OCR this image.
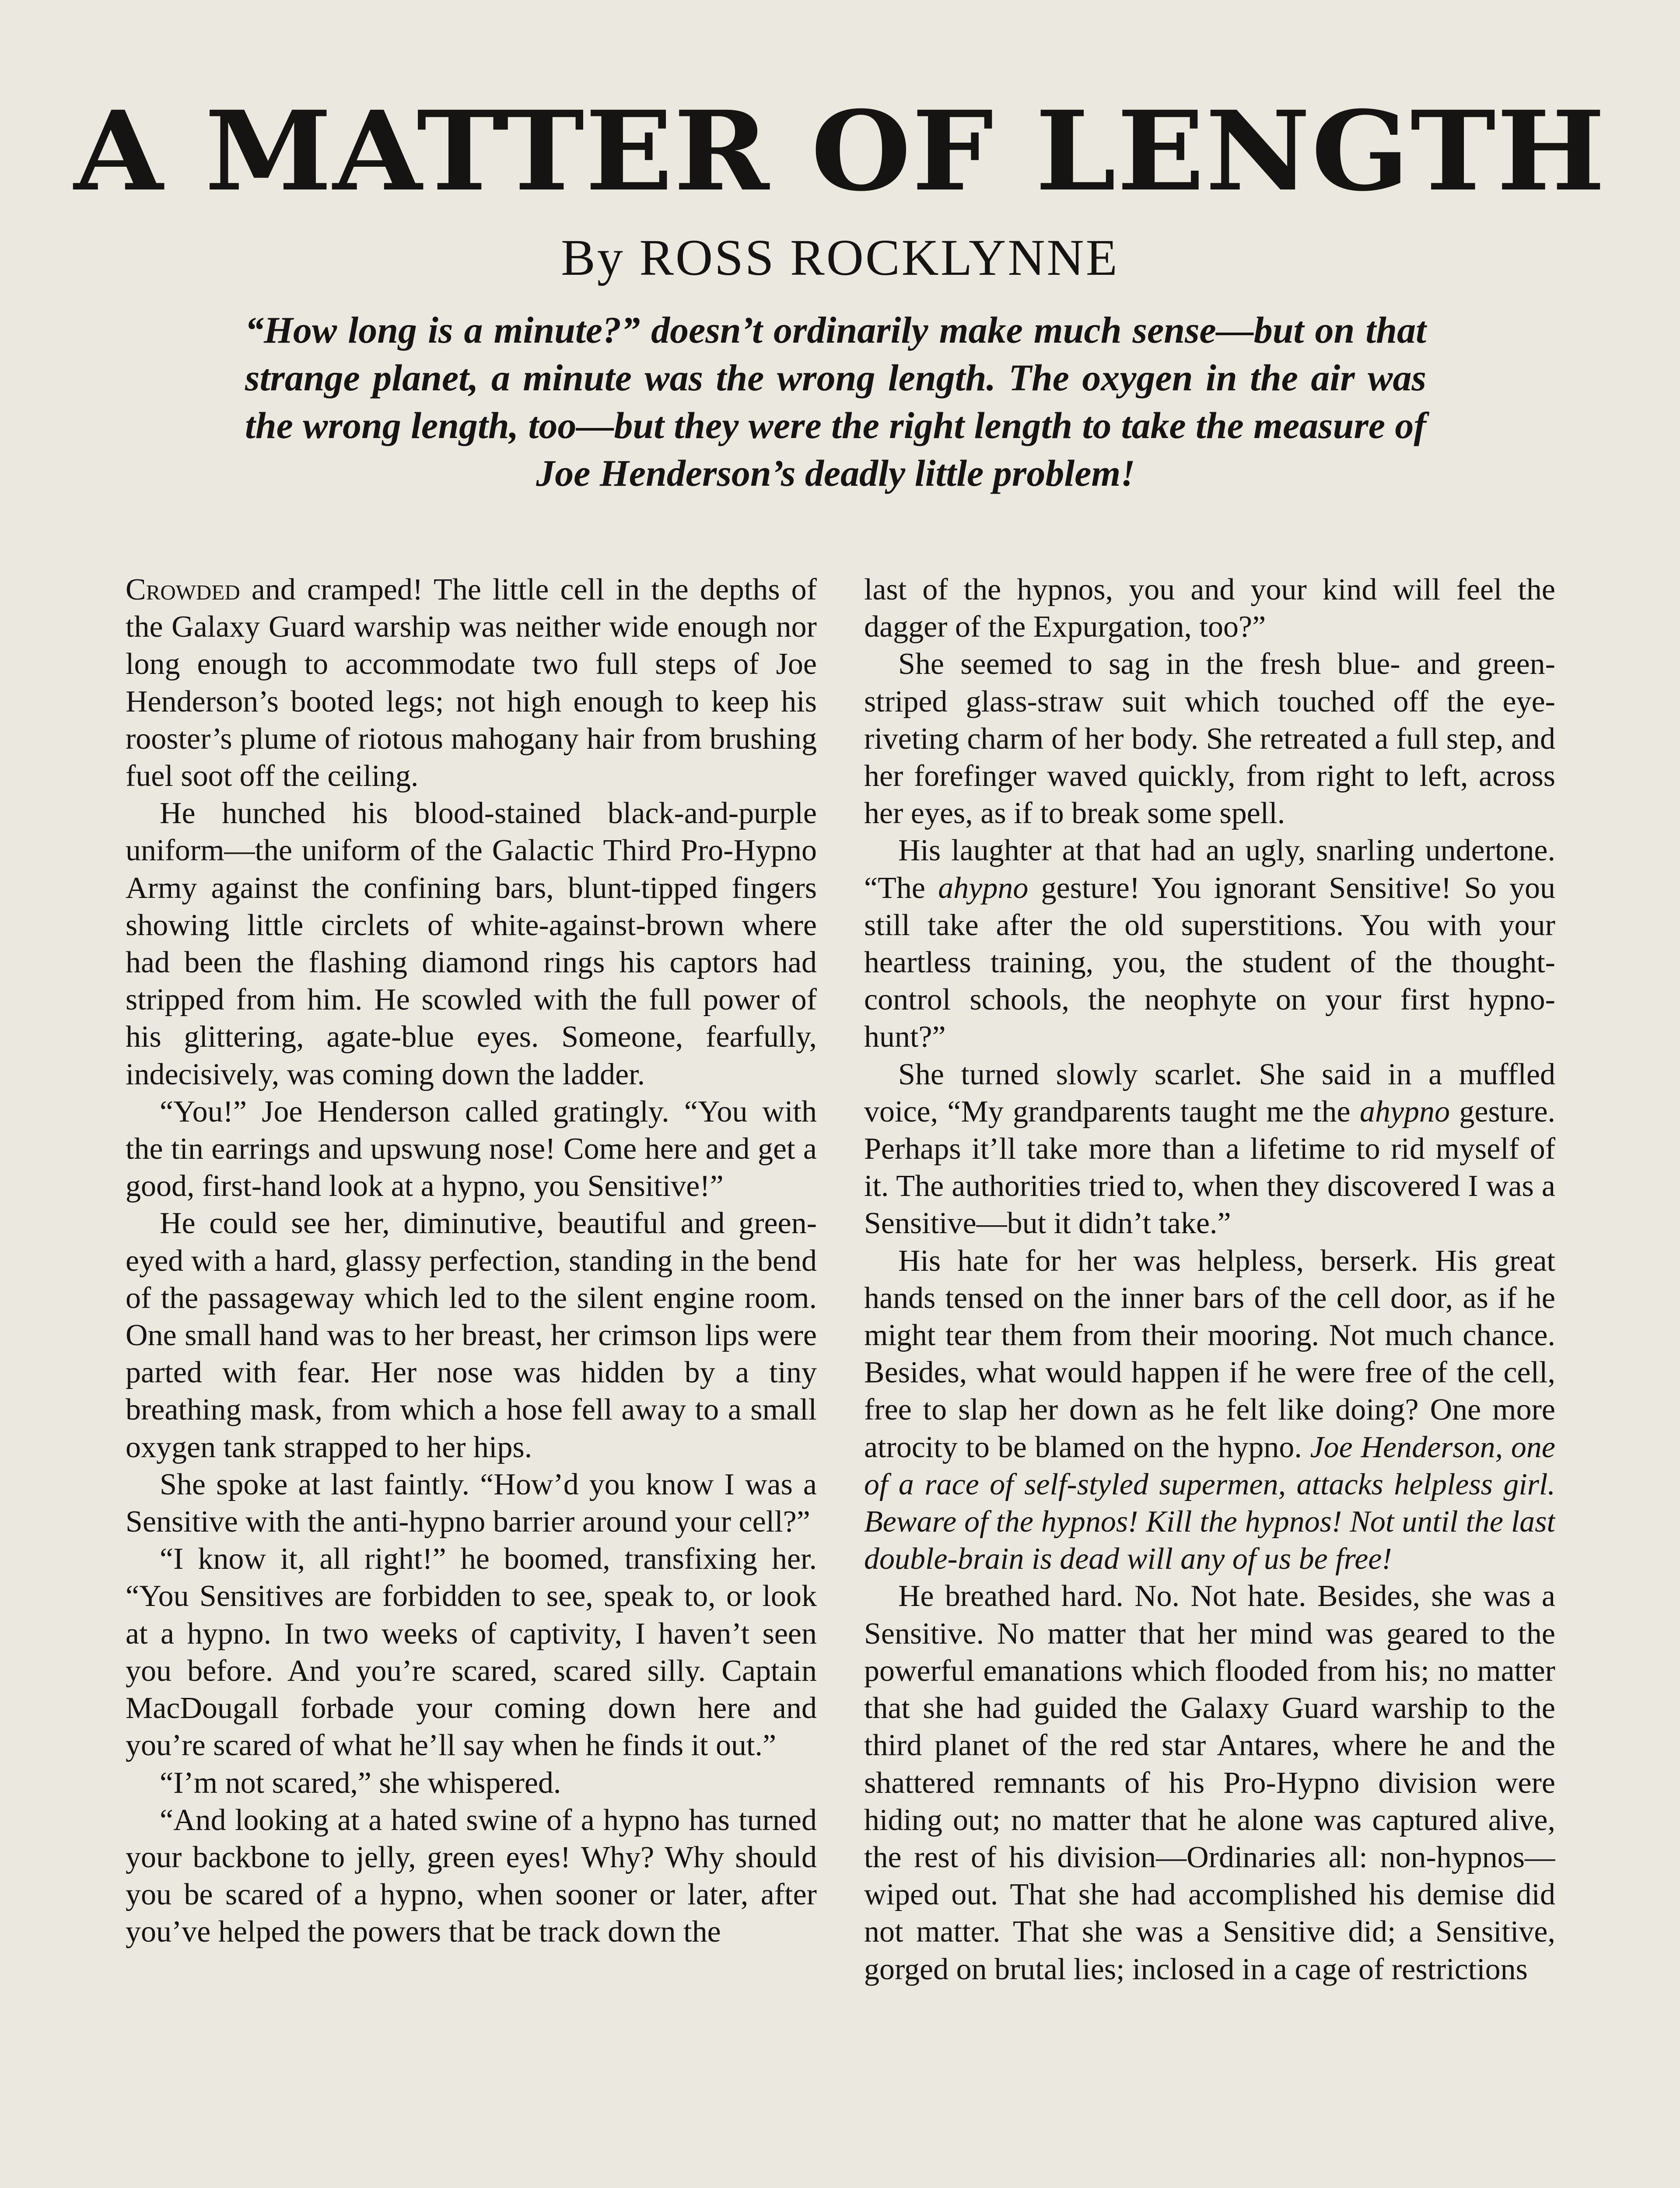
A MATTER OF LENGTH
By ROSS ROCKLYNNE

“How long is a minute?” doesn’t ordinarily make much sense—but on that strange planet, a minute was the wrong length. The oxygen in the air was the wrong length, too—but they were the right length to take the measure of Joe Henderson’s deadly little problem!

Crowded and cramped! The little cell in the depths of the Galaxy Guard warship was neither wide enough nor long enough to accommodate two full steps of Joe Henderson’s booted legs; not high enough to keep his rooster’s plume of riotous mahogany hair from brushing fuel soot off the ceiling.

He hunched his blood-stained black-and-purple uniform—the uniform of the Galactic Third Pro-Hypno Army against the confining bars, blunt-tipped fingers showing little circlets of white-against-brown where had been the flashing diamond rings his captors had stripped from him. He scowled with the full power of his glittering, agate-blue eyes. Someone, fearfully, indecisively, was coming down the ladder.

“You!” Joe Henderson called gratingly. “You with the tin earrings and upswung nose! Come here and get a good, first-hand look at a hypno, you Sensitive!”

He could see her, diminutive, beautiful and green-eyed with a hard, glassy perfection, standing in the bend of the passageway which led to the silent engine room. One small hand was to her breast, her crimson lips were parted with fear. Her nose was hidden by a tiny breathing mask, from which a hose fell away to a small oxygen tank strapped to her hips.

She spoke at last faintly. “How’d you know I was a Sensitive with the anti-hypno barrier around your cell?”

“I know it, all right!” he boomed, transfixing her. “You Sensitives are forbidden to see, speak to, or look at a hypno. In two weeks of captivity, I haven’t seen you before. And you’re scared, scared silly. Captain MacDougall forbade your coming down here and you’re scared of what he’ll say when he finds it out.”

“I’m not scared,” she whispered.

“And looking at a hated swine of a hypno has turned your backbone to jelly, green eyes! Why? Why should you be scared of a hypno, when sooner or later, after you’ve helped the powers that be track down the

last of the hypnos, you and your kind will feel the dagger of the Expurgation, too?”

She seemed to sag in the fresh blue- and green-striped glass-straw suit which touched off the eye-riveting charm of her body. She retreated a full step, and her forefinger waved quickly, from right to left, across her eyes, as if to break some spell.

His laughter at that had an ugly, snarling undertone. “The ahypno gesture! You ignorant Sensitive! So you still take after the old superstitions. You with your heartless training, you, the student of the thought-control schools, the neophyte on your first hypno-hunt?”

She turned slowly scarlet. She said in a muffled voice, “My grandparents taught me the ahypno gesture. Perhaps it’ll take more than a lifetime to rid myself of it. The authorities tried to, when they discovered I was a Sensitive—but it didn’t take.”

His hate for her was helpless, berserk. His great hands tensed on the inner bars of the cell door, as if he might tear them from their mooring. Not much chance. Besides, what would happen if he were free of the cell, free to slap her down as he felt like doing? One more atrocity to be blamed on the hypno. Joe Henderson, one of a race of self-styled supermen, attacks helpless girl. Beware of the hypnos! Kill the hypnos! Not until the last double-brain is dead will any of us be free!

He breathed hard. No. Not hate. Besides, she was a Sensitive. No matter that her mind was geared to the powerful emanations which flooded from his; no matter that she had guided the Galaxy Guard warship to the third planet of the red star Antares, where he and the shattered remnants of his Pro-Hypno division were hiding out; no matter that he alone was captured alive, the rest of his division—Ordinaries all: non-hypnos—wiped out. That she had accomplished his demise did not matter. That she was a Sensitive did; a Sensitive, gorged on brutal lies; inclosed in a cage of restrictions
